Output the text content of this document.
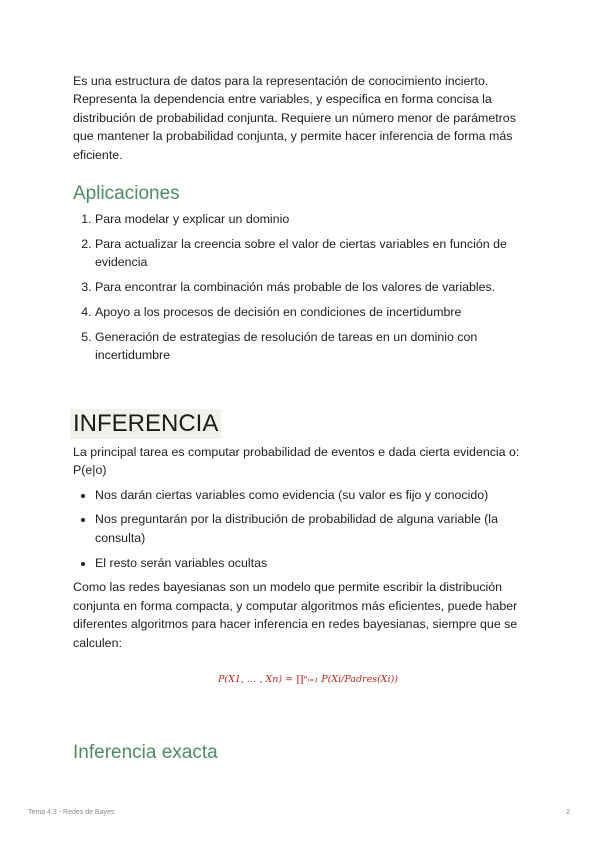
Es una estructura de datos para la representación de conocimiento incierto. Representa la dependencia entre variables, y especifica en forma concisa la distribución de probabilidad conjunta. Requiere un número menor de parámetros que mantener la probabilidad conjunta, y permite hacer inferencia de forma más eficiente.

Aplicaciones
1. Para modelar y explicar un dominio
2. Para actualizar la creencia sobre el valor de ciertas variables en función de evidencia
3. Para encontrar la combinación más probable de los valores de variables.
4. Apoyo a los procesos de decisión en condiciones de incertidumbre
5. Generación de estrategias de resolución de tareas en un dominio con incertidumbre
INFERENCIA

La principal tarea es computar probabilidad de eventos e dada cierta evidencia o: P(e|o)

• Nos darán ciertas variables como evidencia (su valor es fijo y conocido)
• Nos preguntarán por la distribución de probabilidad de alguna variable (la consulta)
• El resto serán variables ocultas

Como las redes bayesianas son un modelo que permite escribir la distribución conjunta en forma compacta, y computar algoritmos más eficientes, puede haber diferentes algoritmos para hacer inferencia en redes bayesianas, siempre que se calculen:

P(X1, … , Xn) = ∏ⁿᵢ₌₁ P(Xi/Padres(Xi))
Inferencia exacta
Tema 4.3 - Redes de Bayes	2
